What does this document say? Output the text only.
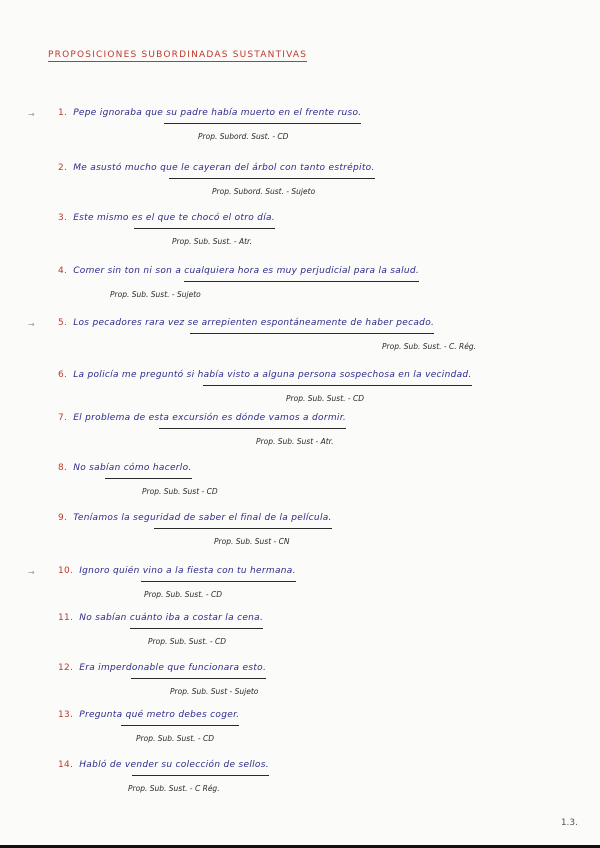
PROPOSICIONES SUBORDINADAS SUSTANTIVAS
→	1. Pepe ignoraba que su padre había muerto en el frente ruso.
Prop. Subord. Sust. - CD
2. Me asustó mucho que le cayeran del árbol con tanto estrépito.
Prop. Subord. Sust. - Sujeto
3. Este mismo es el que te chocó el otro día.
Prop. Sub. Sust. - Atr.
4. Comer sin ton ni son a cualquiera hora es muy perjudicial para la salud.
Prop. Sub. Sust. - Sujeto
→	5. Los pecadores rara vez se arrepienten espontáneamente de haber pecado.
Prop. Sub. Sust. - C. Rég.
6. La policía me preguntó si había visto a alguna persona sospechosa en la vecindad.
Prop. Sub. Sust. - CD
7. El problema de esta excursión es dónde vamos a dormir.
Prop. Sub. Sust - Atr.
8. No sabían cómo hacerlo.
Prop. Sub. Sust - CD
9. Teníamos la seguridad de saber el final de la película.
Prop. Sub. Sust - CN
→	10. Ignoro quién vino a la fiesta con tu hermana.
Prop. Sub. Sust. - CD
11. No sabían cuánto iba a costar la cena.
Prop. Sub. Sust. - CD
12. Era imperdonable que funcionara esto.
Prop. Sub. Sust - Sujeto
13. Pregunta qué metro debes coger.
Prop. Sub. Sust. - CD
14. Habló de vender su colección de sellos.
Prop. Sub. Sust. - C Rég.
1.3.
